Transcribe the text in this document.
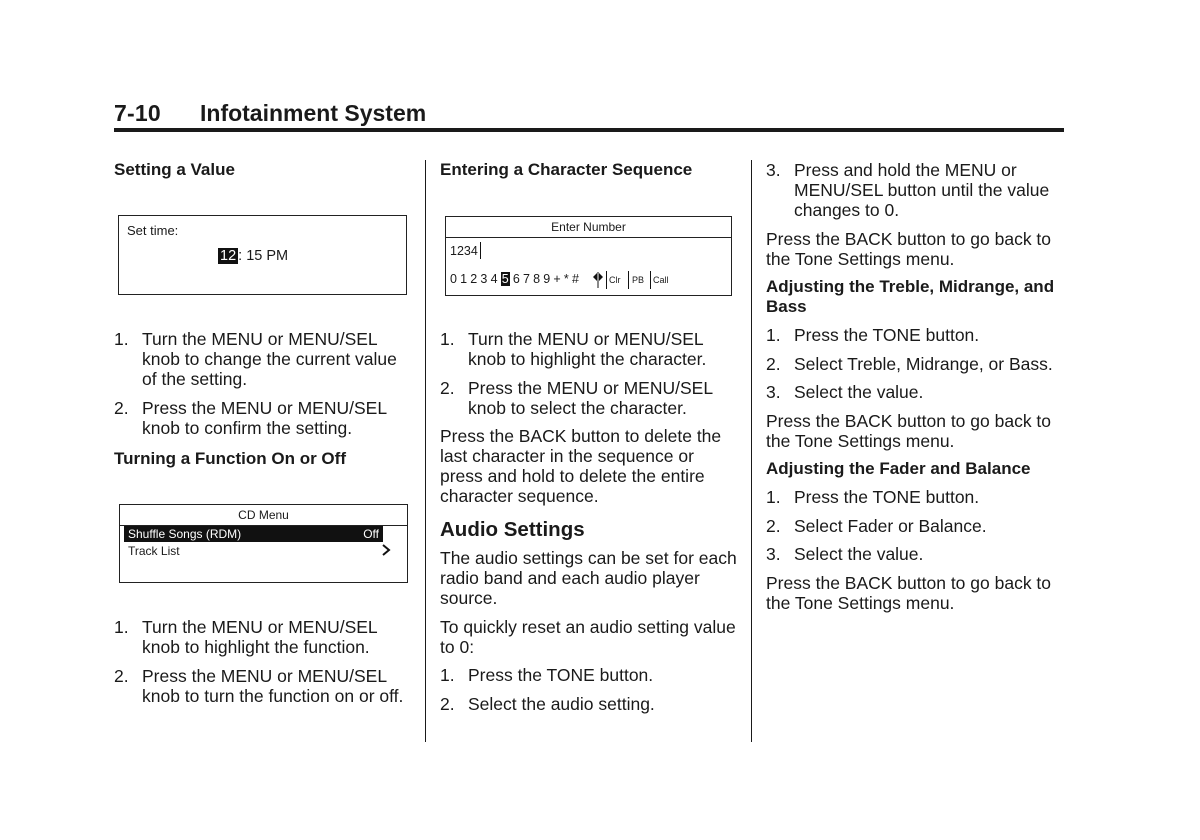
7-10 Infotainment System
Setting a Value
Set time:
12 : 15 PM
1. Turn the MENU or MENU/SEL knob to change the current value of the setting.
2. Press the MENU or MENU/SEL knob to confirm the setting.
Turning a Function On or Off
CD Menu
Shuffle Songs (RDM)	Off
Track List
1. Turn the MENU or MENU/SEL knob to highlight the function.
2. Press the MENU or MENU/SEL knob to turn the function on or off.
Entering a Character Sequence
Enter Number
1234
0 1 2 3 4 5 6 7 8 9 + * #	Clr PB Call
1. Turn the MENU or MENU/SEL knob to highlight the character.
2. Press the MENU or MENU/SEL knob to select the character.

Press the BACK button to delete the last character in the sequence or press and hold to delete the entire character sequence.

Audio Settings

The audio settings can be set for each radio band and each audio player source.

To quickly reset an audio setting value to 0:

1. Press the TONE button.
2. Select the audio setting.
3. Press and hold the MENU or MENU/SEL button until the value changes to 0.

Press the BACK button to go back to the Tone Settings menu.

Adjusting the Treble, Midrange, and Bass
1. Press the TONE button.
2. Select Treble, Midrange, or Bass.
3. Select the value.

Press the BACK button to go back to the Tone Settings menu.

Adjusting the Fader and Balance
1. Press the TONE button.
2. Select Fader or Balance.
3. Select the value.

Press the BACK button to go back to the Tone Settings menu.
